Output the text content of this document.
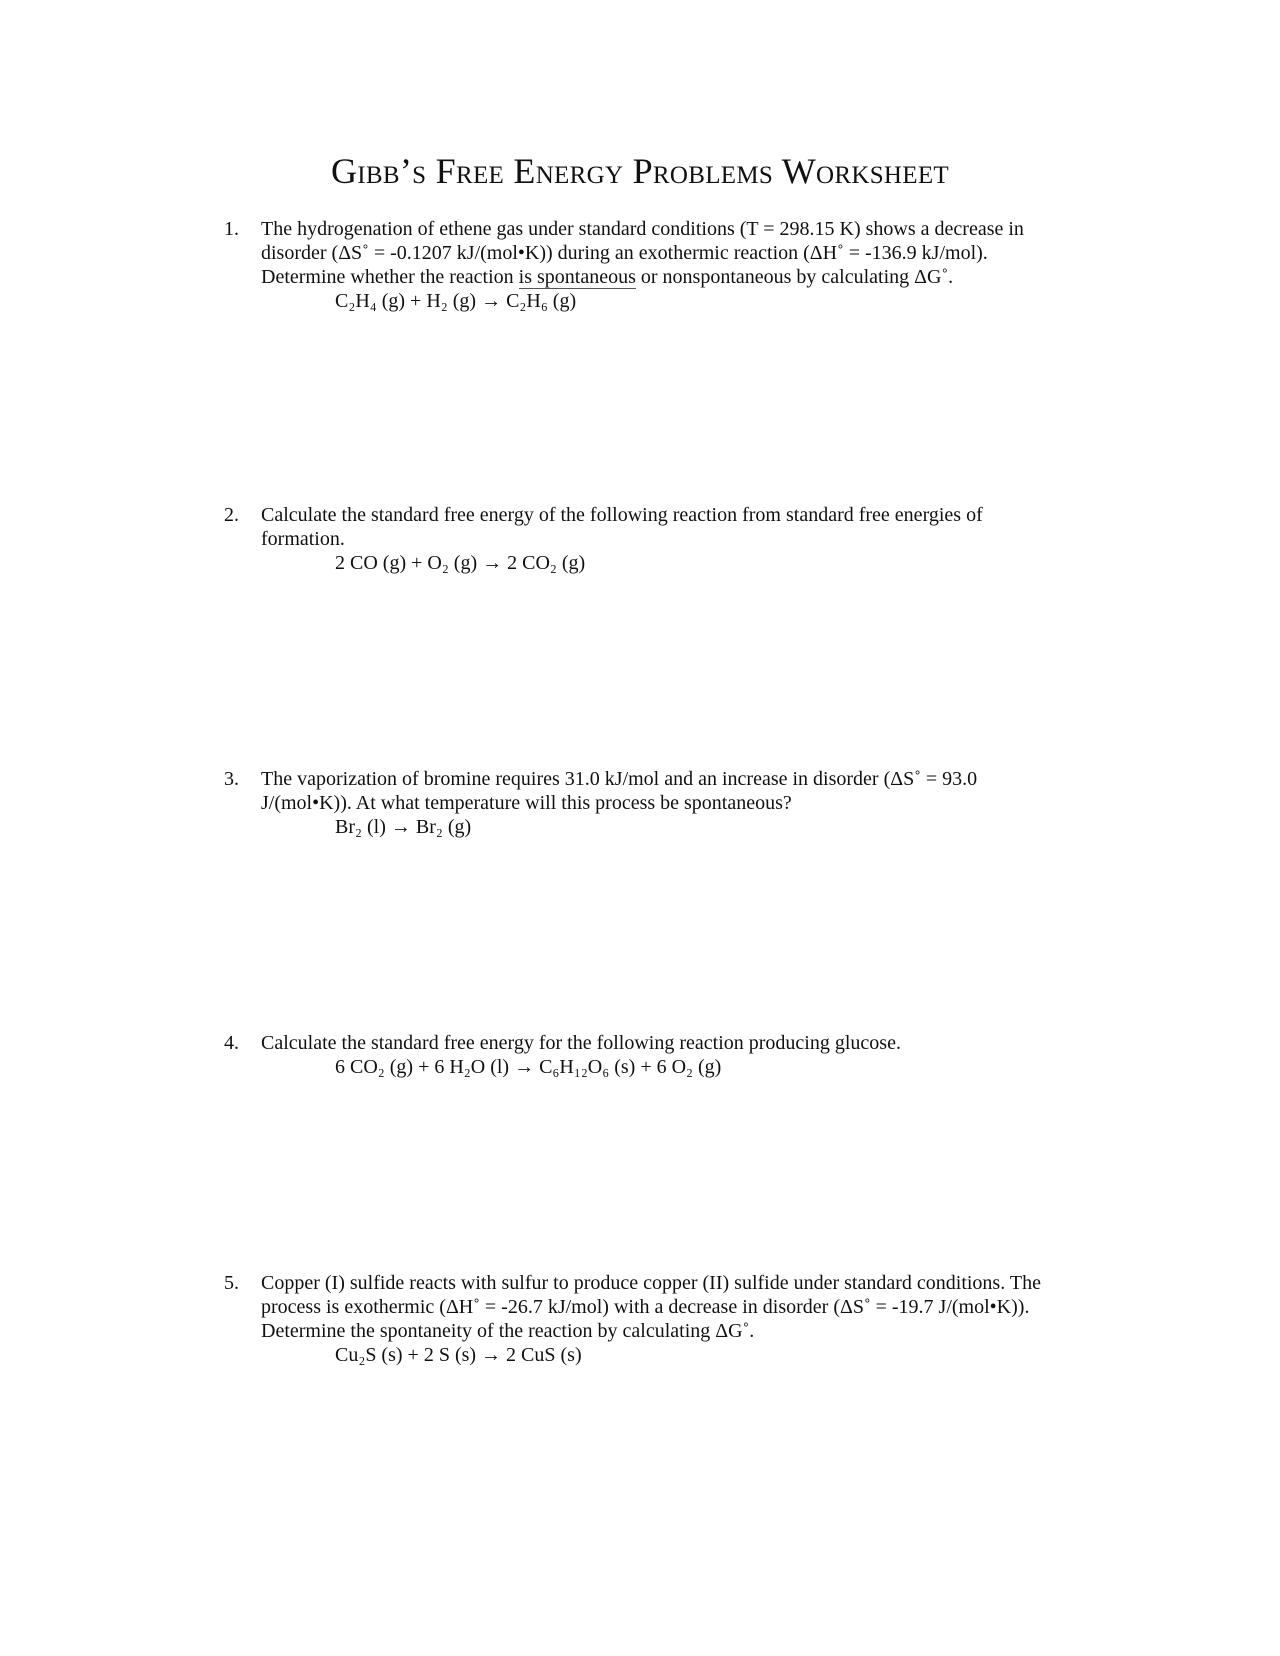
Gibb’s Free Energy Problems Worksheet
1.	The hydrogenation of ethene gas under standard conditions (T = 298.15 K) shows a decrease in

disorder (ΔS˚ = -0.1207 kJ/(mol•K)) during an exothermic reaction (ΔH˚ = -136.9 kJ/mol).

Determine whether the reaction is spontaneous or nonspontaneous by calculating ΔG˚.

C₂H₄ (g) + H₂ (g) → C₂H₆ (g)
2.	Calculate the standard free energy of the following reaction from standard free energies of

formation.

2 CO (g) + O₂ (g) → 2 CO₂ (g)
3.	The vaporization of bromine requires 31.0 kJ/mol and an increase in disorder (ΔS˚ = 93.0

J/(mol•K)). At what temperature will this process be spontaneous?

Br₂ (l) → Br₂ (g)
4.	Calculate the standard free energy for the following reaction producing glucose.

6 CO₂ (g) + 6 H₂O (l) → C₆H₁₂O₆ (s) + 6 O₂ (g)
5.	Copper (I) sulfide reacts with sulfur to produce copper (II) sulfide under standard conditions. The

process is exothermic (ΔH˚ = -26.7 kJ/mol) with a decrease in disorder (ΔS˚ = -19.7 J/(mol•K)).

Determine the spontaneity of the reaction by calculating ΔG˚.

Cu₂S (s) + 2 S (s) → 2 CuS (s)
